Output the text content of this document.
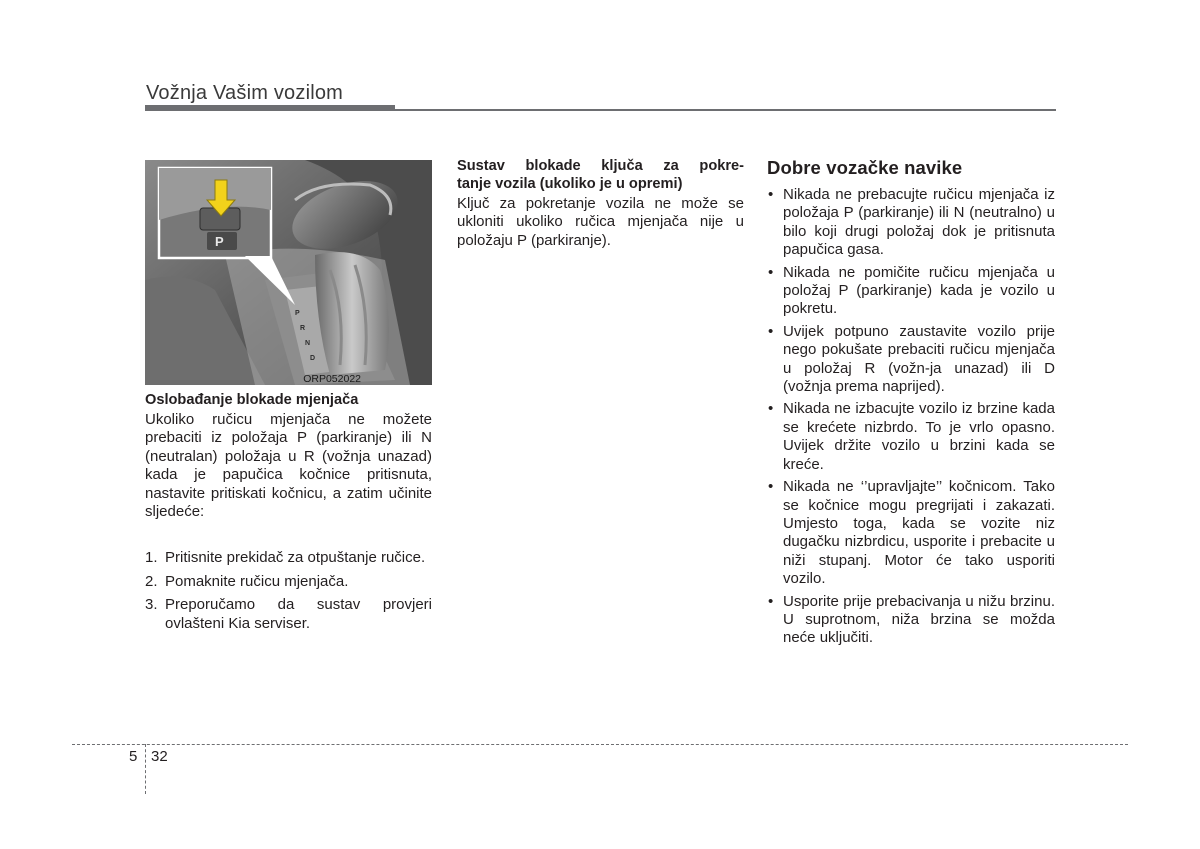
Vožnja Vašim vozilom
P
R
N
D
P
ORP052022

Oslobađanje blokade mjenjača

Ukoliko ručicu mjenjača ne možete prebaciti iz položaja P (parkiranje) ili N (neutralan) položaja u R (vožnja unazad) kada je papučica kočnice pritisnuta, nastavite pritiskati kočnicu, a zatim učinite sljedeće:

1. Pritisnite prekidač za otpuštanje ručice.
2. Pomaknite ručicu mjenjača.
3. Preporučamo da sustav provjeri ovlašteni Kia serviser.

Sustav blokade ključa za pokre-
tanje vozila (ukoliko je u opremi)

Ključ za pokretanje vozila ne može se ukloniti ukoliko ručica mjenjača nije u položaju P (parkiranje).

Dobre vozačke navike

• Nikada ne prebacujte ručicu mjenjača iz položaja P (parkiranje) ili N (neutralno) u bilo koji drugi položaj dok je pritisnuta papučica gasa.
• Nikada ne pomičite ručicu mjenjača u položaj P (parkiranje) kada je vozilo u pokretu.
• Uvijek potpuno zaustavite vozilo prije nego pokušate prebaciti ručicu mjenjača u položaj R (vožn-ja unazad) ili D (vožnja prema naprijed).
• Nikada ne izbacujte vozilo iz brzine kada se krećete nizbrdo. To je vrlo opasno. Uvijek držite vozilo u brzini kada se kreće.
• Nikada ne ‘’upravljajte’’ kočnicom. Tako se kočnice mogu pregrijati i zakazati. Umjesto toga, kada se vozite niz dugačku nizbrdicu, usporite i prebacite u niži stupanj. Motor će tako usporiti vozilo.
• Usporite prije prebacivanja u nižu brzinu. U suprotnom, niža brzina se možda neće uključiti.
5 32
